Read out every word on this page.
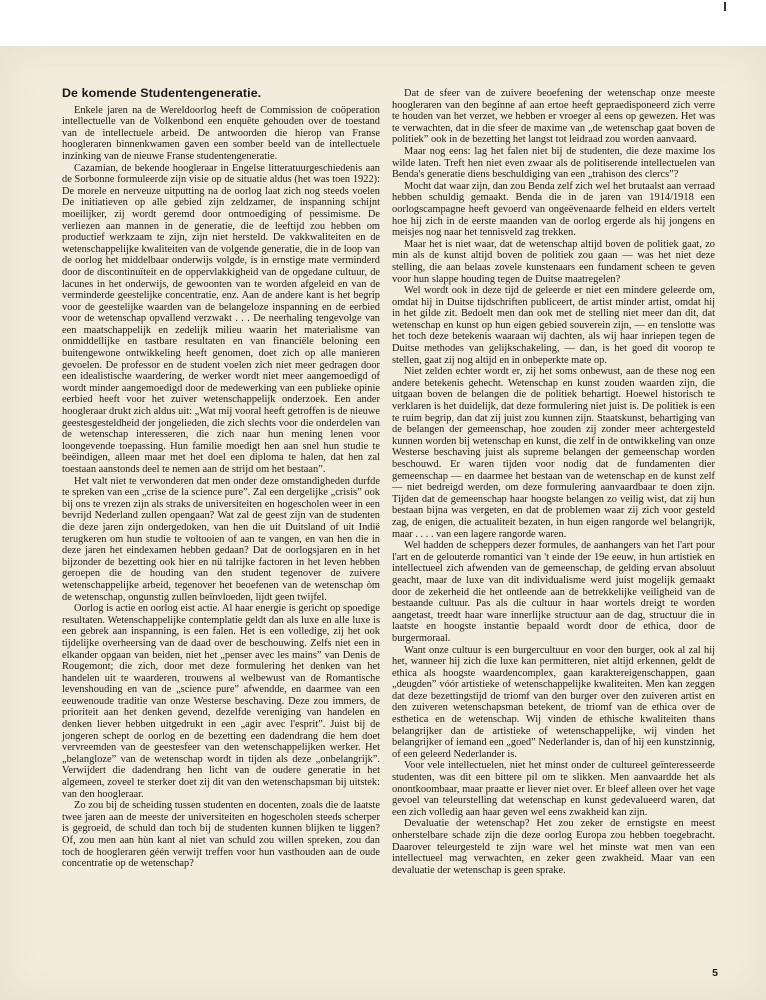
De komende Studentengeneratie.

Enkele jaren na de Wereldoorlog heeft de Commission de coöperation intellectuelle van de Volkenbond een enquête gehouden over de toestand van de intellectuele arbeid. De antwoorden die hierop van Franse hoogleraren binnenkwamen gaven een somber beeld van de intellectuele inzinking van de nieuwe Franse studentengeneratie.

Cazamian, de bekende hoogleraar in Engelse litteratuurgeschiedenis aan de Sorbonne formuleerde zijn visie op de situatie aldus (het was toen 1922): De morele en nerveuze uitputting na de oorlog laat zich nog steeds voelen De initiatieven op alle gebied zijn zeldzamer, de inspanning schijnt moeilijker, zij wordt geremd door ontmoediging of pessimisme. De verliezen aan mannen in de generatie, die de leeftijd zou hebben om productief werkzaam te zijn, zijn niet hersteld. De vakkwaliteiten en de wetenschappelijke kwaliteiten van de volgende generatie, die in de loop van de oorlog het middelbaar onderwijs volgde, is in ernstige mate verminderd door de discontinuïteit en de oppervlakkigheid van de opgedane cultuur, de lacunes in het onderwijs, de gewoonten van te worden afgeleid en van de verminderde geestelijke concentratie, enz. Aan de andere kant is het begrip voor de geestelijke waarden van de belangeloze inspanning en de eerbied voor de wetenschap opvallend verzwakt . . . De neerhaling tengevolge van een maatschappelijk en zedelijk milieu waarin het materialisme van onmiddellijke en tastbare resultaten en van financiële beloning een buitengewone ontwikkeling heeft genomen, doet zich op alle manieren gevoelen. De professor en de student voelen zich niet meer gedragen door een idealistische waardering, de werker wordt niet meer aangemoedigd of wordt minder aangemoedigd door de medewerking van een publieke opinie eerbied heeft voor het zuiver wetenschappelijk onderzoek. Een ander hoogleraar drukt zich aldus uit: „Wat mij vooral heeft getroffen is de nieuwe geestesgesteldheid der jongelieden, die zich slechts voor die onderdelen van de wetenschap interesseren, die zich naar hun mening lenen voor loongevende toepassing. Hun familie moedigt hen aan snel hun studie te beëindigen, alleen maar met het doel een diploma te halen, dat hen zal toestaan aanstonds deel te nemen aan de strijd om het bestaan”.

Het valt niet te verwonderen dat men onder deze omstandigheden durfde te spreken van een „crise de la science pure”. Zal een dergelijke „crisis” ook bij ons te vrezen zijn als straks de universiteiten en hogescholen weer in een bevrijd Nederland zullen opengaan? Wat zal de geest zijn van de studenten die deze jaren zijn ondergedoken, van hen die uit Duitsland of uit Indië terugkeren om hun studie te voltooien of aan te vangen, en van hen die in deze jaren het eindexamen hebben gedaan? Dat de oorlogsjaren en in het bijzonder de bezetting ook hier en nü talrijke factoren in het leven hebben geroepen die de houding van den student tegenover de zuivere wetenschappelijke arbeid, tegenover het beoefenen van de wetenschap òm de wetenschap, ongunstig zullen beïnvloeden, lijdt geen twijfel.

Oorlog is actie en oorlog eist actie. Al haar energie is gericht op spoedige resultaten. Wetenschappelijke contemplatie geldt dan als luxe en alle luxe is een gebrek aan inspanning, is een falen. Het is een volledige, zij het ook tijdelijke overheersing van de daad over de beschouwing. Zelfs niet een in elkander opgaan van beiden, niet het „penser avec les mains” van Denis de Rougemont; die zich, door met deze formulering het denken van het handelen uit te waarderen, trouwens al welbewust van de Romantische levenshouding en van de „science pure” afwendde, en daarmee van een eeuwenoude traditie van onze Westerse beschaving. Deze zou immers, de prioriteit aan het denken gevend, dezelfde vereniging van handelen en denken liever hebben uitgedrukt in een „agir avec l'esprit”. Juist bij de jongeren schept de oorlog en de bezetting een dadendrang die hem doet vervreemden van de geestesfeer van den wetenschappelijken werker. Het „belangloze” van de wetenschap wordt in tijden als deze „onbelangrijk”. Verwijdert die dadendrang hen licht van de oudere generatie in het algemeen, zoveel te sterker doet zij dit van den wetenschapsman bij uitstek: van den hoogleraar.

Zo zou bij de scheiding tussen studenten en docenten, zoals die de laatste twee jaren aan de meeste der universiteiten en hogescholen steeds scherper is gegroeid, de schuld dan toch bij de studenten kunnen blijken te liggen? Of, zou men aan hùn kant al niet van schuld zou willen spreken, zou dan toch de hoogleraren géén verwijt treffen voor hun vasthouden aan de oude concentratie op de wetenschap?

Dat de sfeer van de zuivere beoefening der wetenschap onze meeste hoogleraren van den beginne af aan ertoe heeft gepraedisponeerd zich verre te houden van het verzet, we hebben er vroeger al eens op gewezen. Het was te verwachten, dat in die sfeer de maxime van „de wetenschap gaat boven de politiek” ook in de bezetting het langst tot leidraad zou worden aanvaard.

Maar nog eens: lag het falen niet bij de studenten, die deze maxime los wilde laten. Treft hen niet even zwaar als de politiserende intellectuelen van Benda's generatie diens beschuldiging van een „trahison des clercs”?

Mocht dat waar zijn, dan zou Benda zelf zich wel het brutaalst aan verraad hebben schuldig gemaakt. Benda die in de jaren van 1914/1918 een oorlogscampagne heeft gevoerd van ongeëvenaarde felheid en elders vertelt hoe hij zich in de eerste maanden van de oorlog ergerde als hij jongens en meisjes nog naar het tennisveld zag trekken.

Maar het is niet waar, dat de wetenschap altijd boven de politiek gaat, zo min als de kunst altijd boven de politiek zou gaan — was het niet deze stelling, die aan belaas zovele kunstenaars een fundament scheen te geven voor hun slappe houding tegen de Duitse maatregelen?

Wel wordt ook in deze tijd de geleerde er niet een mindere geleerde om, omdat hij in Duitse tijdschriften publiceert, de artist minder artist, omdat hij in het gilde zit. Bedoelt men dan ook met de stelling niet meer dan dit, dat wetenschap en kunst op hun eigen gebied souverein zijn, — en tenslotte was het toch deze betekenis waaraan wij dachten, als wij haar inriepen tegen de Duitse methodes van gelijkschakeling, — dan, is het goed dit voorop te stellen, gaat zij nog altijd en in onbeperkte mate op.

Niet zelden echter wordt er, zij het soms onbewust, aan de these nog een andere betekenis gehecht. Wetenschap en kunst zouden waarden zijn, die uitgaan boven de belangen die de politiek behartigt. Hoewel historisch te verklaren is het duidelijk, dat deze formulering niet juist is. De politiek is een te ruim begrip, dan dat zij juist zou kunnen zijn. Staatskunst, behartiging van de belangen der gemeenschap, hoe zouden zij zonder meer achtergesteld kunnen worden bij wetenschap en kunst, die zelf in de ontwikkeling van onze Westerse beschaving juist als supreme belangen der gemeenschap worden beschouwd. Er waren tijden voor nodig dat de fundamenten dier gemeenschap — en daarmee het bestaan van de wetenschap en de kunst zelf — niet bedreigd werden, om deze formulering aanvaardbaar te doen zijn. Tijden dat de gemeenschap haar hoogste belangen zo veilig wist, dat zij hun bestaan bijna was vergeten, en dat de problemen waar zij zich voor gesteld zag, de enigen, die actualiteit bezaten, in hun eigen rangorde wel belangrijk, maar . . . . van een lagere rangorde waren.

Wel hadden de scheppers dezer formules, de aanhangers van het l'art pour l'art en de gelouterde romantici van 't einde der 19e eeuw, in hun artistiek en intellectueel zich afwenden van de gemeenschap, de gelding ervan absoluut geacht, maar de luxe van dit individualisme werd juist mogelijk gemaakt door de zekerheid die het ontleende aan de betrekkelijke veiligheid van de bestaande cultuur. Pas als die cultuur in haar wortels dreigt te worden aangetast, treedt haar ware innerlijke structuur aan de dag, structuur die in laatste en hoogste instantie bepaald wordt door de ethica, door de burgermoraal.

Want onze cultuur is een burgercultuur en voor den burger, ook al zal hij het, wanneer hij zich die luxe kan permitteren, niet altijd erkennen, geldt de ethica als hoogste waardencomplex, gaan karaktereigenschappen, gaan „deugden” vóór artistieke of wetenschappelijke kwaliteiten. Men kan zeggen dat deze bezettingstijd de triomf van den burger over den zuiveren artist en den zuiveren wetenschapsman betekent, de triomf van de ethica over de esthetica en de wetenschap. Wij vinden de ethische kwaliteiten thans belangrijker dan de artistieke of wetenschappelijke, wij vinden het belangrijker of iemand een „goed” Nederlander is, dan of hij een kunstzinnig, of een geleerd Nederlander is.

Voor vele intellectuelen, niet het minst onder de cultureel geïnteresseerde studenten, was dit een bittere pil om te slikken. Men aanvaardde het als onontkoombaar, maar praatte er liever niet over. Er bleef alleen over het vage gevoel van teleurstelling dat wetenschap en kunst gedevalueerd waren, dat een zich volledig aan haar geven wel eens zwakheid kan zijn.

Devaluatie der wetenschap? Het zou zeker de ernstigste en meest onherstelbare schade zijn die deze oorlog Europa zou hebben toegebracht. Daarover teleurgesteld te zijn ware wel het minste wat men van een intellectueel mag verwachten, en zeker geen zwakheid. Maar van een devaluatie der wetenschap is geen sprake.

5
